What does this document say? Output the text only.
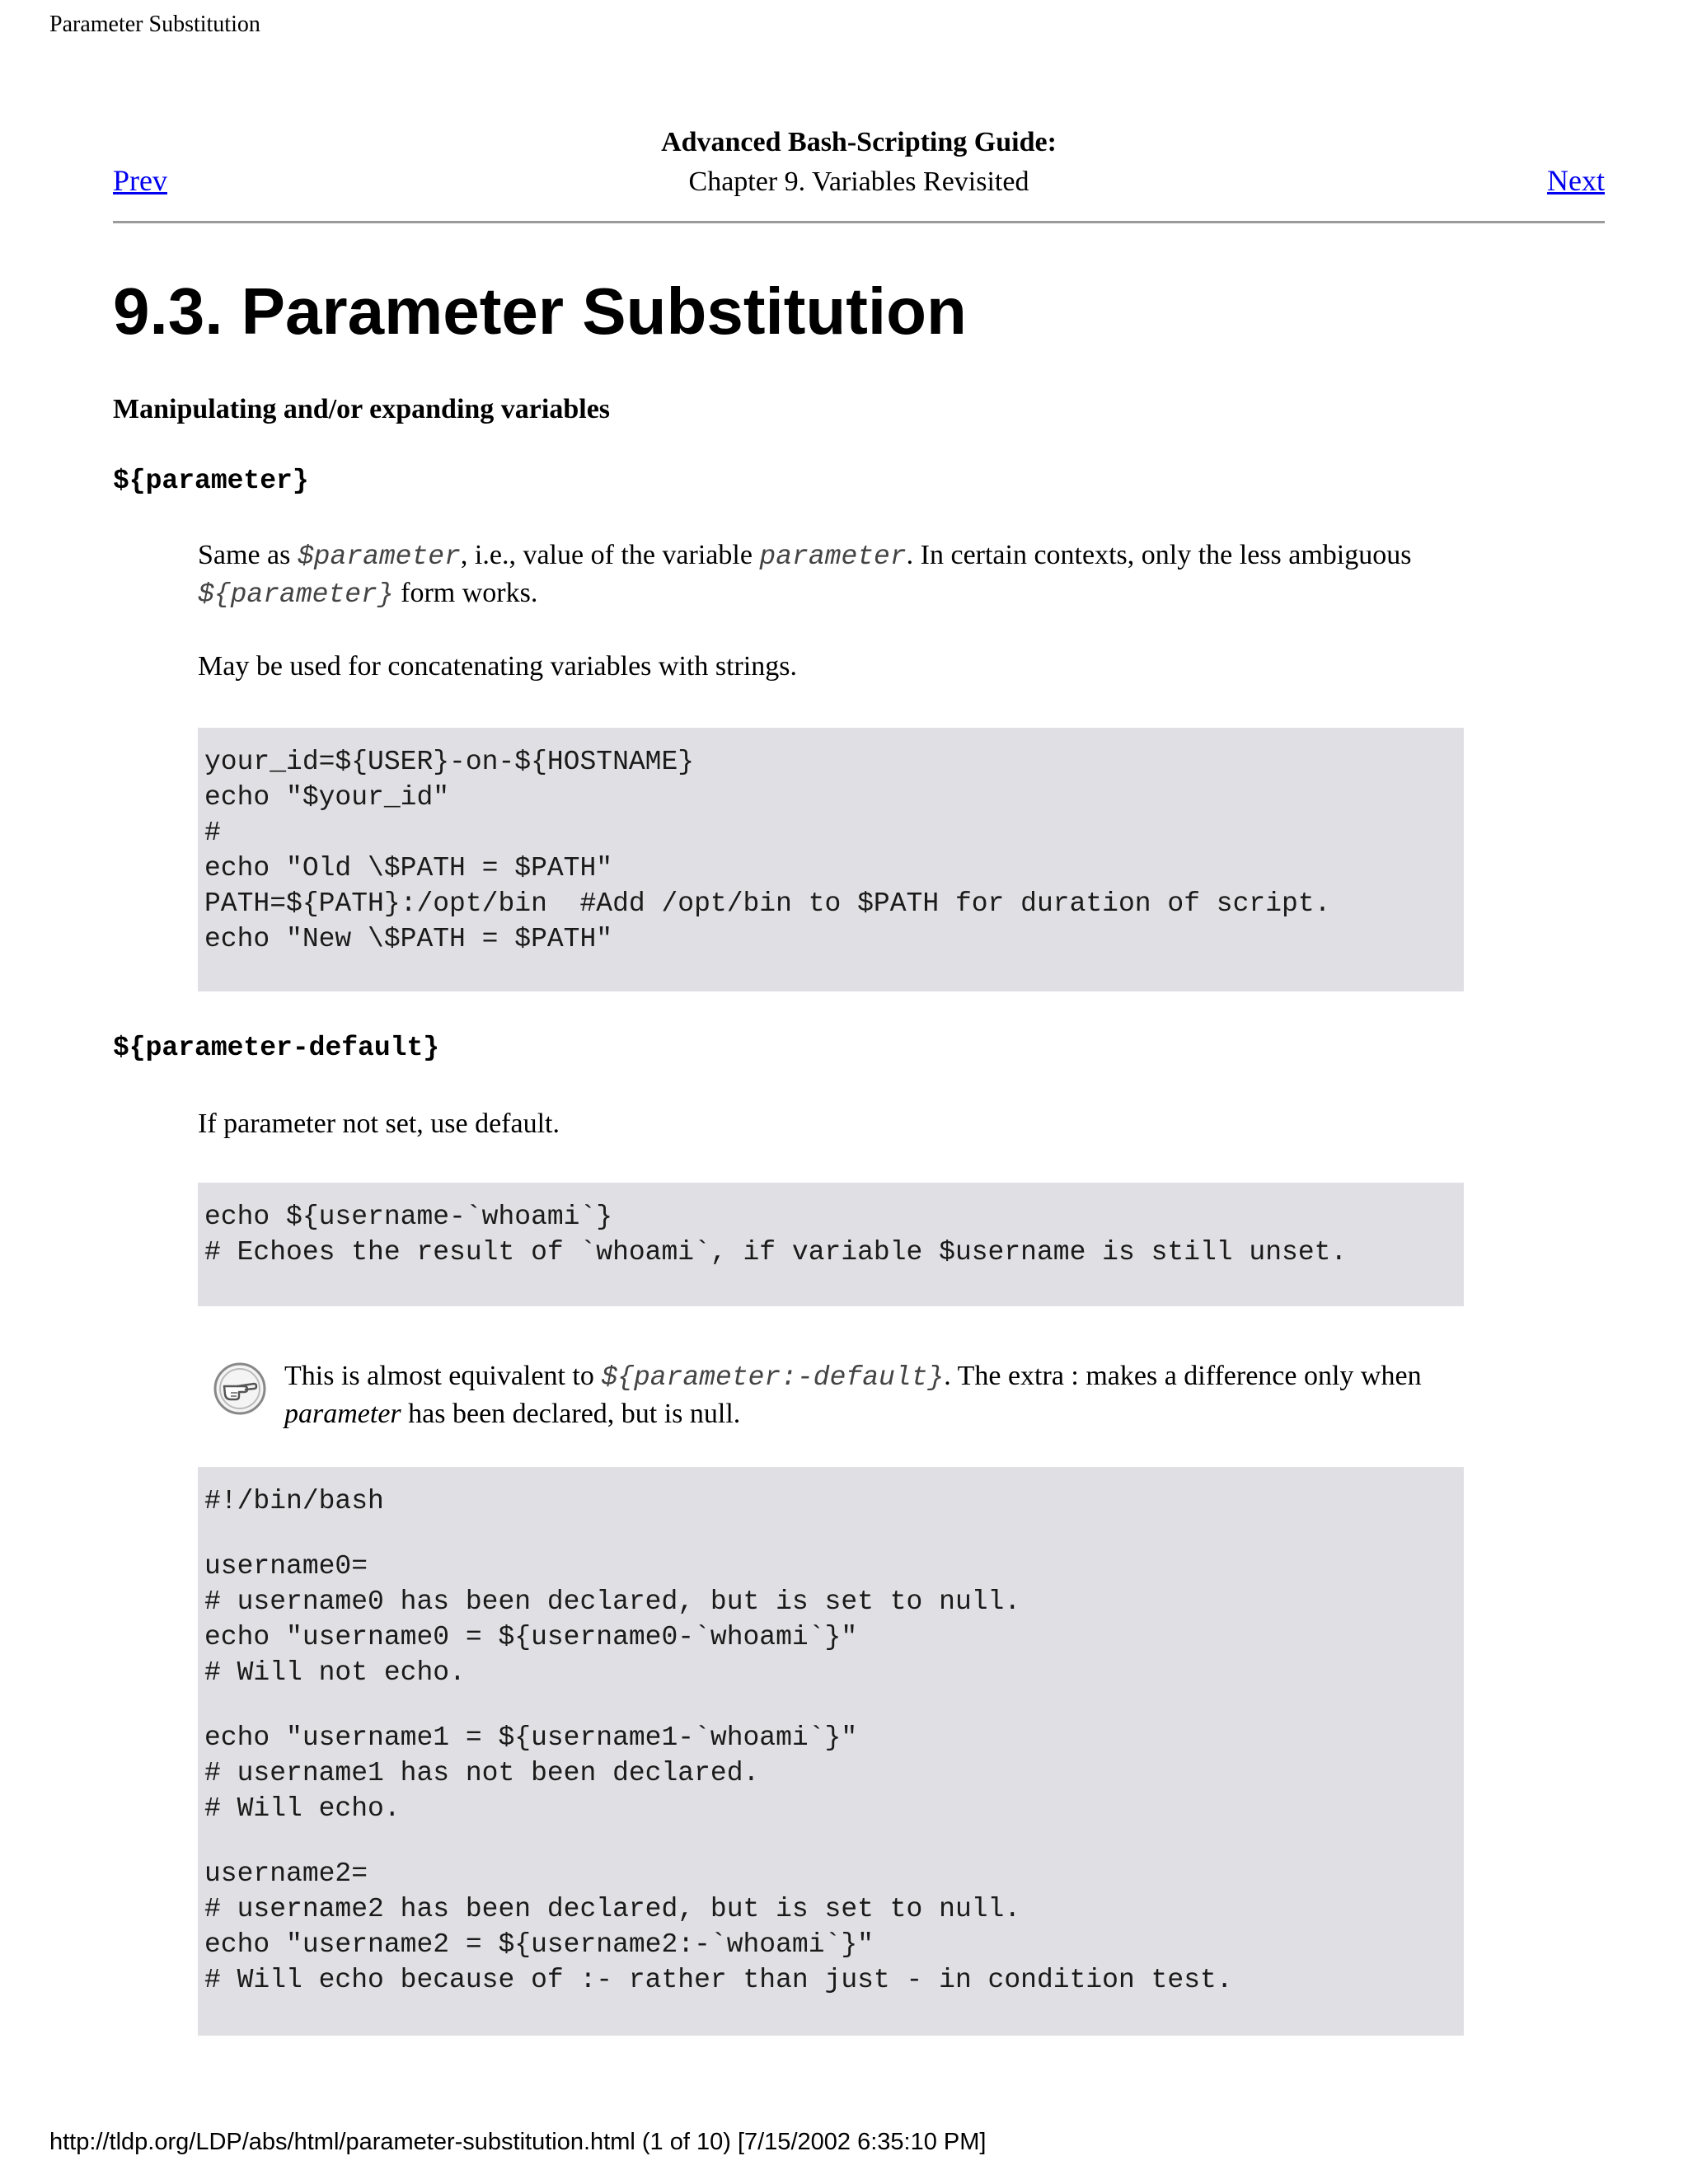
Parameter Substitution
Advanced Bash-Scripting Guide:
Chapter 9. Variables Revisited
Prev	Next
9.3. Parameter Substitution
Manipulating and/or expanding variables
${parameter}
Same as $parameter, i.e., value of the variable parameter. In certain contexts, only the less ambiguous ${parameter} form works.
May be used for concatenating variables with strings.
your_id=${USER}-on-${HOSTNAME}
echo "$your_id"
#
echo "Old \$PATH = $PATH"
PATH=${PATH}:/opt/bin  #Add /opt/bin to $PATH for duration of script.
echo "New \$PATH = $PATH"
${parameter-default}
If parameter not set, use default.
echo ${username-`whoami`}
# Echoes the result of `whoami`, if variable $username is still unset.
This is almost equivalent to ${parameter:-default}. The extra : makes a difference only when parameter has been declared, but is null.
#!/bin/bash
username0=
# username0 has been declared, but is set to null.
echo "username0 = ${username0-`whoami`}"
# Will not echo.
echo "username1 = ${username1-`whoami`}"
# username1 has not been declared.
# Will echo.
username2=
# username2 has been declared, but is set to null.
echo "username2 = ${username2:-`whoami`}"
# Will echo because of :- rather than just - in condition test.
http://tldp.org/LDP/abs/html/parameter-substitution.html (1 of 10) [7/15/2002 6:35:10 PM]
